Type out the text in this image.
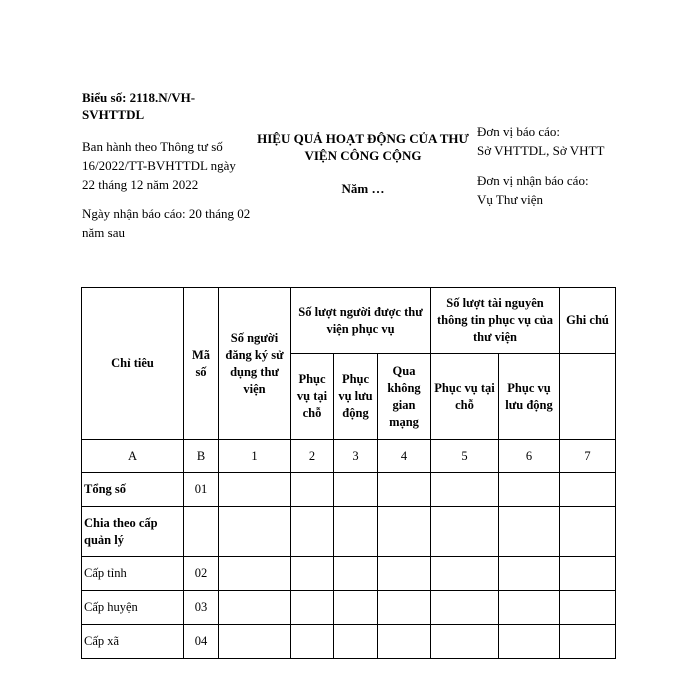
Biểu số: 2118.N/VH-SVHTTDL
Ban hành theo Thông tư số 16/2022/TT-BVHTTDL ngày 22 tháng 12 năm 2022
Ngày nhận báo cáo: 20 tháng 02 năm sau
HIỆU QUẢ HOẠT ĐỘNG CỦA THƯ VIỆN CÔNG CỘNG
Năm …
Đơn vị báo cáo:
Sở VHTTDL, Sở VHTT
Đơn vị nhận báo cáo:
Vụ Thư viện
Chỉ tiêu	Mã số	Số người đăng ký sử dụng thư viện	Số lượt người được thư viện phục vụ			Số lượt tài nguyên thông tin phục vụ của thư viện		Ghi chú
			Phục vụ tại chỗ	Phục vụ lưu động	Qua không gian mạng	Phục vụ tại chỗ	Phục vụ lưu động	
A	B	1	2	3	4	5	6	7
Tổng số	01							
Chia theo cấp quản lý								
Cấp tỉnh	02							
Cấp huyện	03							
Cấp xã	04							
